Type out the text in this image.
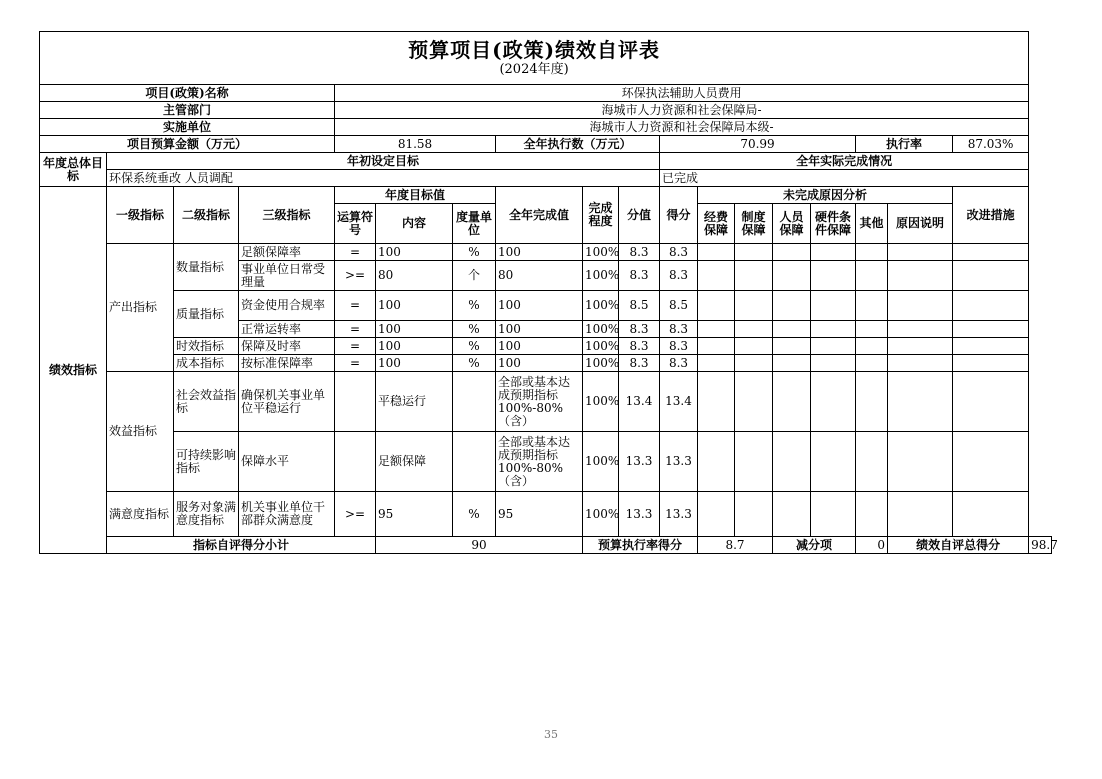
预算项目(政策)绩效自评表
(2024年度)																		

项目(政策)名称				环保执法辅助人员费用														
主管部门				海城市人力资源和社会保障局-														
实施单位				海城市人力资源和社会保障局本级-														
项目预算金额（万元）				81.58			全年执行数（万元）			70.99					执行率		87.03%	
年度总体目标	年初设定目标									全年实际完成情况								
	环保系统垂改 人员调配									已完成								
绩效指标	一级指标	二级指标	三级指标	年度目标值			全年完成值	完成程度	分值	得分	未完成原因分析						改进措施	
				运算符号	内容	度量单位					经费保障	制度保障	人员保障	硬件条件保障	其他	原因说明		

	产出指标	数量指标	足额保障率	=	100	%	100	100%	8.3	8.3								
			事业单位日常受理量	>=	80	个	80	100%	8.3	8.3								
		质量指标	资金使用合规率	=	100	%	100	100%	8.5	8.5								
			正常运转率	=	100	%	100	100%	8.3	8.3								
		时效指标	保障及时率	=	100	%	100	100%	8.3	8.3								
		成本指标	按标准保障率	=	100	%	100	100%	8.3	8.3								
	效益指标	社会效益指标	确保机关事业单位平稳运行		平稳运行		全部或基本达成预期指标100%-80%（含）	100%	13.4	13.4								
		可持续影响指标	保障水平		足额保障		全部或基本达成预期指标100%-80%（含）	100%	13.3	13.3								
	满意度指标	服务对象满意度指标	机关事业单位干部群众满意度	>=	95	%	95	100%	13.3	13.3								
	指标自评得分小计				90			预算执行率得分			8.7		减分项		0	绩效自评总得分		98.7
35
